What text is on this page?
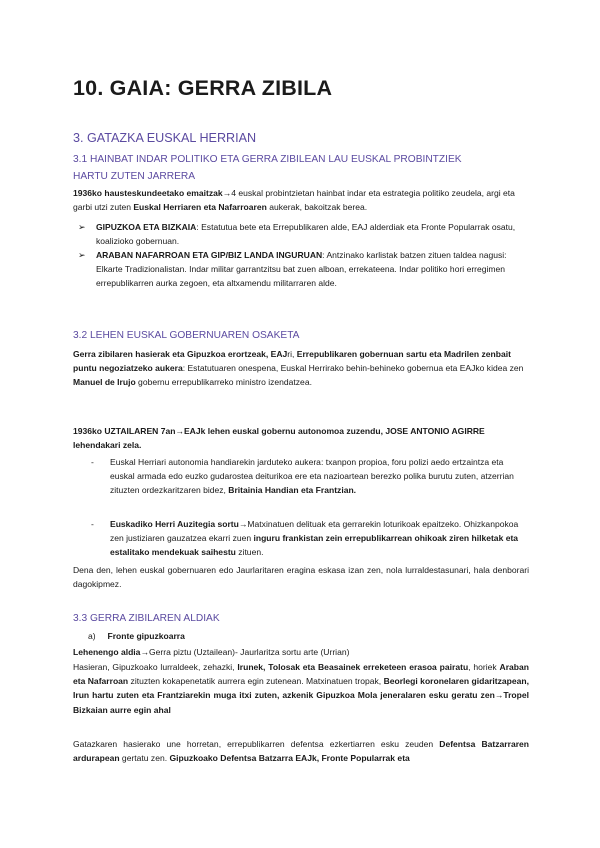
10. GAIA: GERRA ZIBILA
3. GATAZKA EUSKAL HERRIAN
3.1 HAINBAT INDAR POLITIKO ETA GERRA ZIBILEAN LAU EUSKAL PROBINTZIEK
HARTU ZUTEN JARRERA
1936ko hausteskundeetako emaitzak→4 euskal probintzietan hainbat indar eta estrategia politiko zeudela, argi eta garbi utzi zuten Euskal Herriaren eta Nafarroaren aukerak, bakoitzak berea.
➢ GIPUZKOA ETA BIZKAIA: Estatutua bete eta Errepublikaren alde, EAJ alderdiak eta Fronte Popularrak osatu, koalizioko gobernuan.
➢ ARABAN NAFARROAN ETA GIP/BIZ LANDA INGURUAN: Antzinako karlistak batzen zituen taldea nagusi: Elkarte Tradizionalistan. Indar militar garrantzitsu bat zuen alboan, errekateena. Indar politiko hori erregimen errepublikarren aurka zegoen, eta altxamendu militarraren alde.
3.2 LEHEN EUSKAL GOBERNUAREN OSAKETA
Gerra zibilaren hasierak eta Gipuzkoa erortzeak, EAJri, Errepublikaren gobernuan sartu eta Madrilen zenbait puntu negoziatzeko aukera: Estatutuaren onespena, Euskal Herrirako behin-behineko gobernua eta EAJko kidea zen Manuel de Irujo gobernu errepublikarreko ministro izendatzea.
1936ko UZTAILAREN 7an→EAJk lehen euskal gobernu autonomoa zuzendu, JOSE ANTONIO AGIRRE
lehendakari zela.
- Euskal Herriari autonomia handiarekin jarduteko aukera: txanpon propioa, foru polizi aedo ertzaintza eta euskal armada edo euzko gudarostea deiturikoa ere eta nazioartean berezko polika burutu zuten, atzerrian zituzten ordezkaritzaren bidez, Britainia Handian eta Frantzian.
- Euskadiko Herri Auzitegia sortu→Matxinatuen delituak eta gerrarekin loturikoak epaitzeko. Ohizkanpokoa zen justiziaren gauzatzea ekarri zuen inguru frankistan zein errepublikarrean ohikoak ziren hilketak eta estalitako mendekuak saihestu zituen.
Dena den, lehen euskal gobernuaren edo Jaurlaritaren eragina eskasa izan zen, nola lurraldestasunari, hala denborari dagokipmez.
3.3 GERRA ZIBILAREN ALDIAK
a) Fronte gipuzkoarra
Lehenengo aldia→Gerra piztu (Uztailean)- Jaurlaritza sortu arte (Urrian)
Hasieran, Gipuzkoako lurraldeek, zehazki, Irunek, Tolosak eta Beasainek erreketeen erasoa pairatu, horiek Araban eta Nafarroan zituzten kokapenetatik aurrera egin zutenean. Matxinatuen tropak, Beorlegi koronelaren gidaritzapean, Irun hartu zuten eta Frantziarekin muga itxi zuten, azkenik Gipuzkoa Mola jeneralaren esku geratu zen→Tropel Bizkaian aurre egin ahal
Gatazkaren hasierako une horretan, errepublikarren defentsa ezkertiarren esku zeuden Defentsa Batzarraren ardurapean gertatu zen. Gipuzkoako Defentsa Batzarra EAJk, Fronte Popularrak eta
